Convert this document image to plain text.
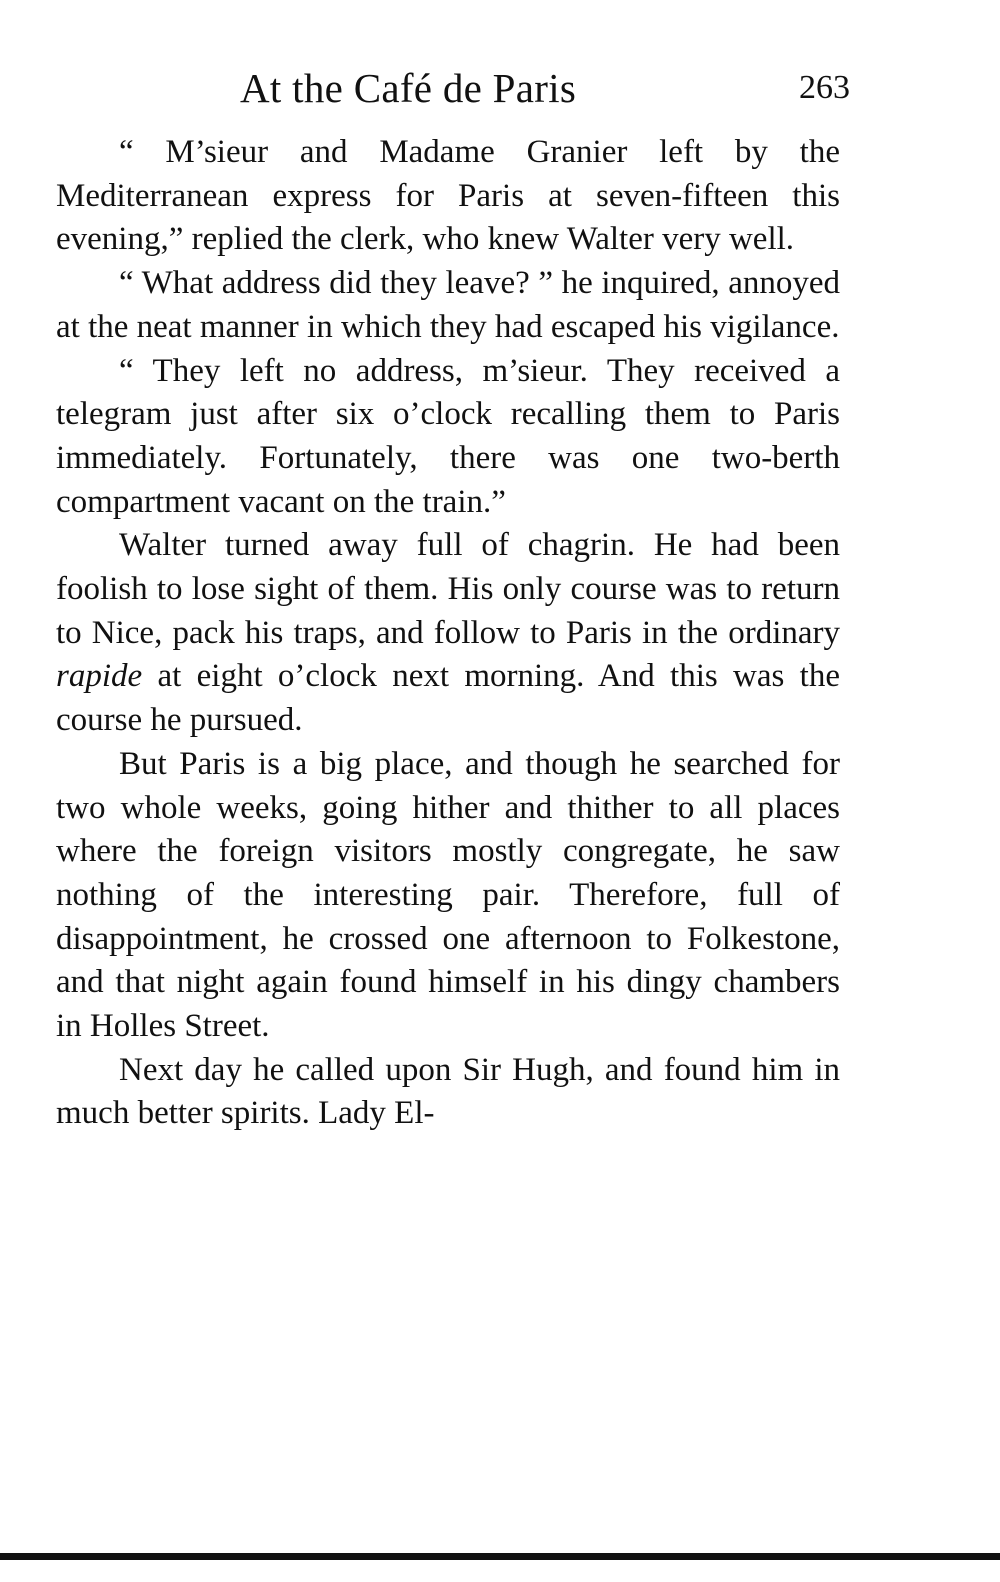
At the Café de Paris	263

“ M’sieur and Madame Granier left by the Mediterranean express for Paris at seven-fifteen this evening,” replied the clerk, who knew Walter very well.

“ What address did they leave? ” he inquired, annoyed at the neat manner in which they had escaped his vigilance.

“ They left no address, m’sieur. They received a telegram just after six o’clock recalling them to Paris immediately. Fortunately, there was one two-berth compartment vacant on the train.”

Walter turned away full of chagrin. He had been foolish to lose sight of them. His only course was to return to Nice, pack his traps, and follow to Paris in the ordinary rapide at eight o’clock next morning. And this was the course he pursued.

But Paris is a big place, and though he searched for two whole weeks, going hither and thither to all places where the foreign visitors mostly congregate, he saw nothing of the interesting pair. Therefore, full of disappointment, he crossed one afternoon to Folkestone, and that night again found himself in his dingy chambers in Holles Street.

Next day he called upon Sir Hugh, and found him in much better spirits. Lady El-
